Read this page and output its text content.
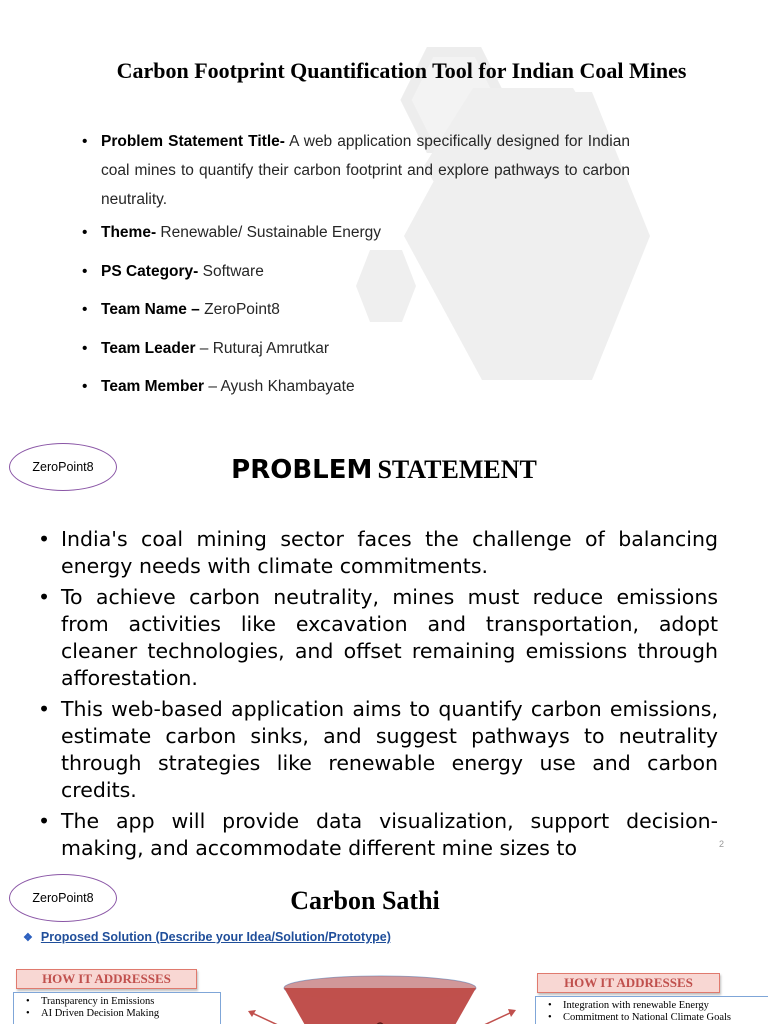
Carbon Footprint Quantification Tool for Indian Coal Mines
• Problem Statement Title- A web application specifically designed for Indian coal mines to quantify their carbon footprint and explore pathways to carbon neutrality.
• Theme- Renewable/ Sustainable Energy
• PS Category- Software
• Team Name – ZeroPoint8
• Team Leader – Ruturaj Amrutkar
• Team Member – Ayush Khambayate
ZeroPoint8	PROBLEM STATEMENT
• India's coal mining sector faces the challenge of balancing energy needs with climate commitments.
• To achieve carbon neutrality, mines must reduce emissions from activities like excavation and transportation, adopt cleaner technologies, and offset remaining emissions through afforestation.
• This web-based application aims to quantify carbon emissions, estimate carbon sinks, and suggest pathways to neutrality through strategies like renewable energy use and carbon credits.
• The app will provide data visualization, support decision-making, and accommodate different mine sizes to	2
ZeroPoint8	Carbon Sathi
❖ Proposed Solution (Describe your Idea/Solution/Prototype)
HOW IT ADDRESSES
• Transparency in Emissions
• AI Driven Decision Making
HOW IT ADDRESSES
• Integration with renewable Energy
• Commitment to National Climate Goals
